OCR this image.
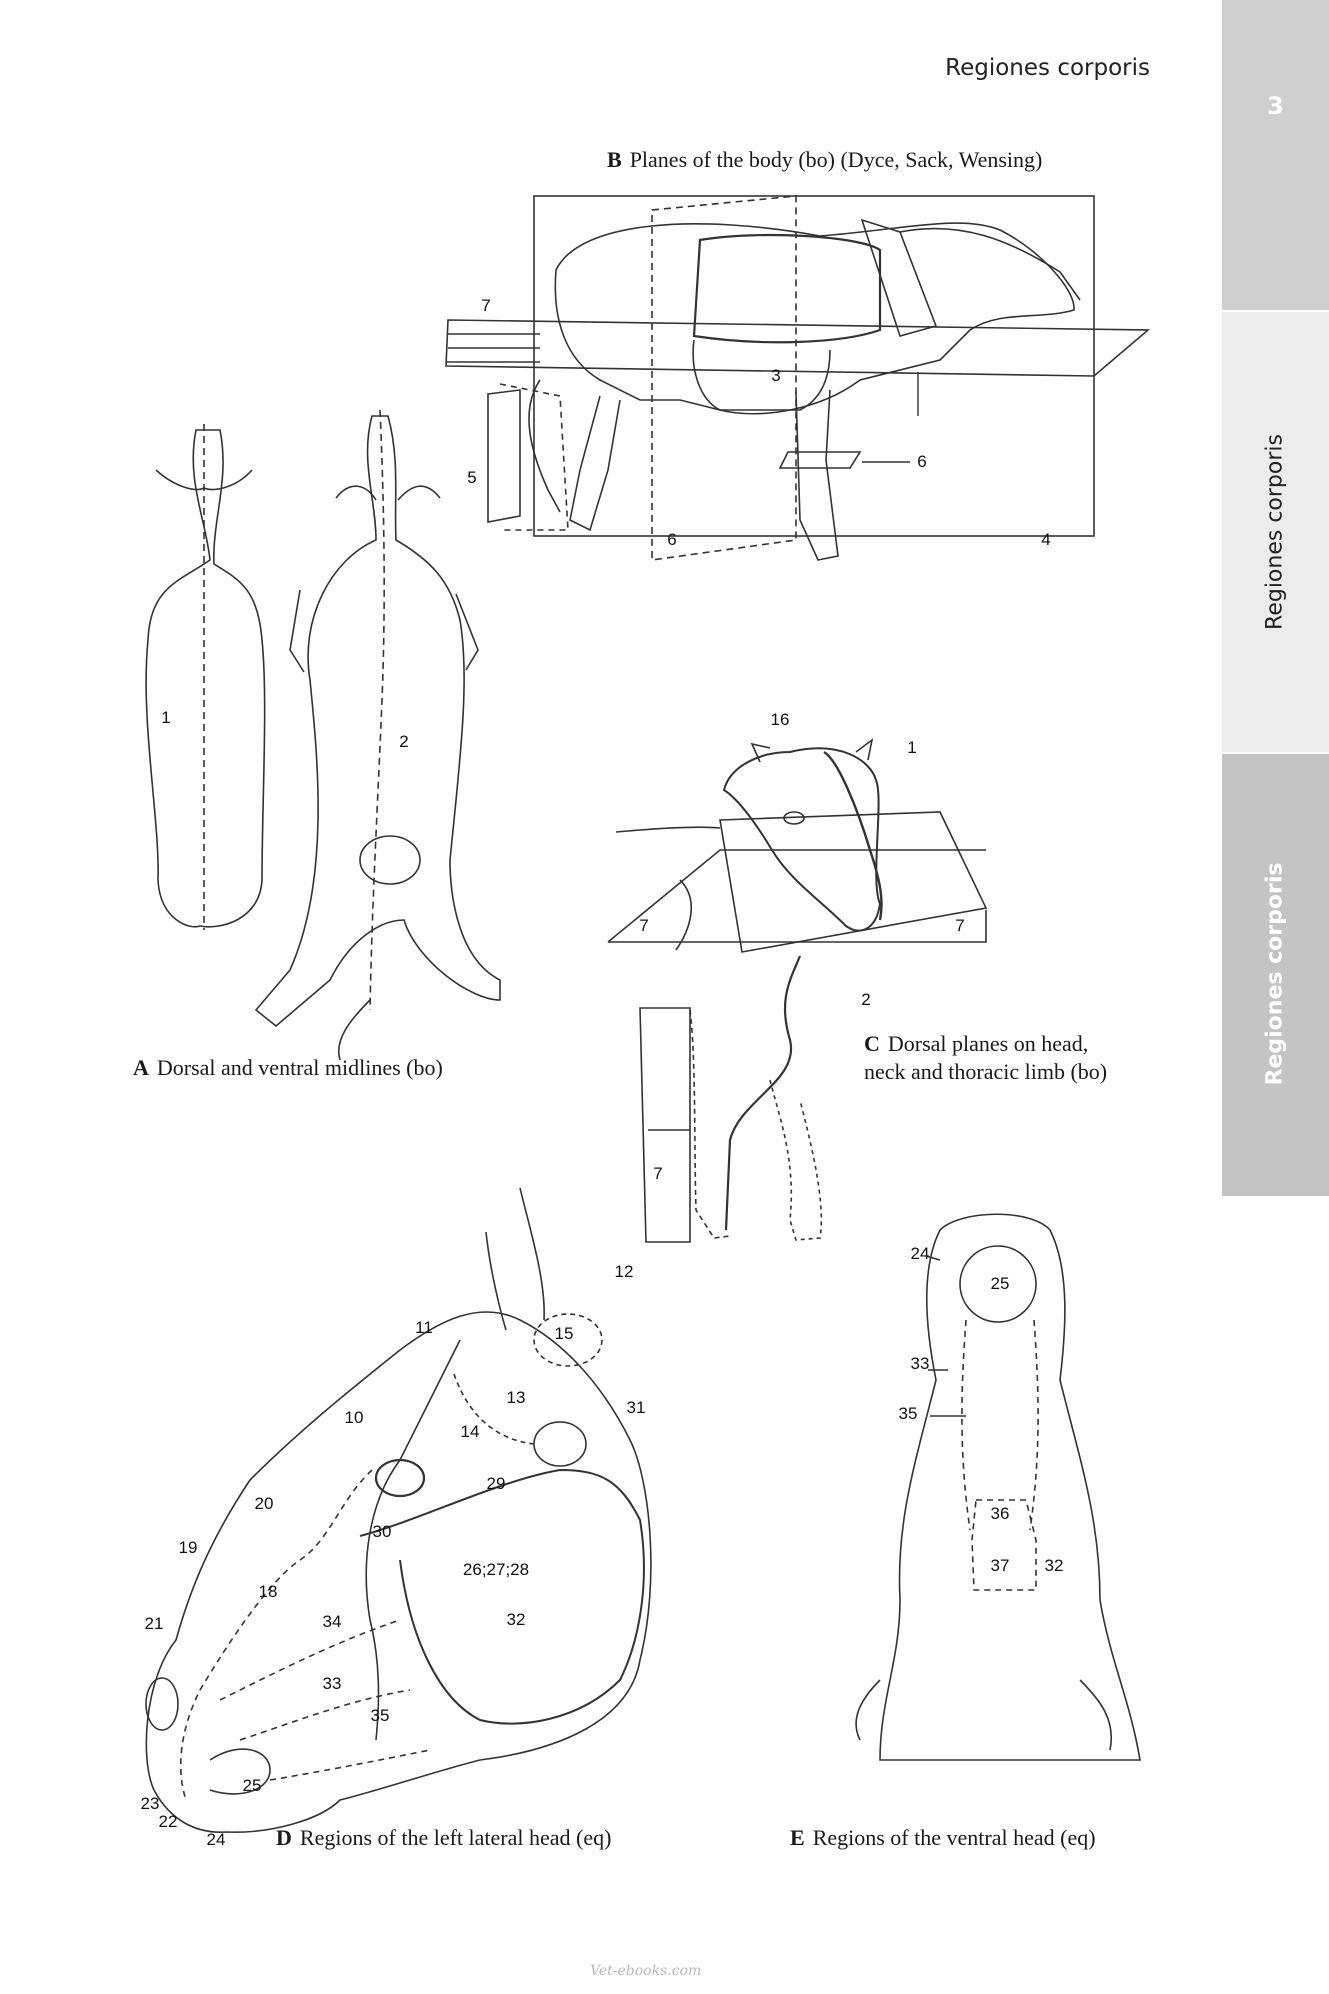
Regiones corporis
3
Regiones corporis
Regiones corporis
1
2
7
3
5
6
6	4
16
1
7	7
2
7
12
11	15
13
10
14
31
29
20
30
19
18
26;27;28
32
21	34
33
35
23
25
22
24
24
25
33
35
36
37 32
B Planes of the body (bo) (Dyce, Sack, Wensing)
A Dorsal and ventral midlines (bo)
C Dorsal planes on head,
neck and thoracic limb (bo)
D Regions of the left lateral head (eq)	E Regions of the ventral head (eq)
Vet-ebooks.com
